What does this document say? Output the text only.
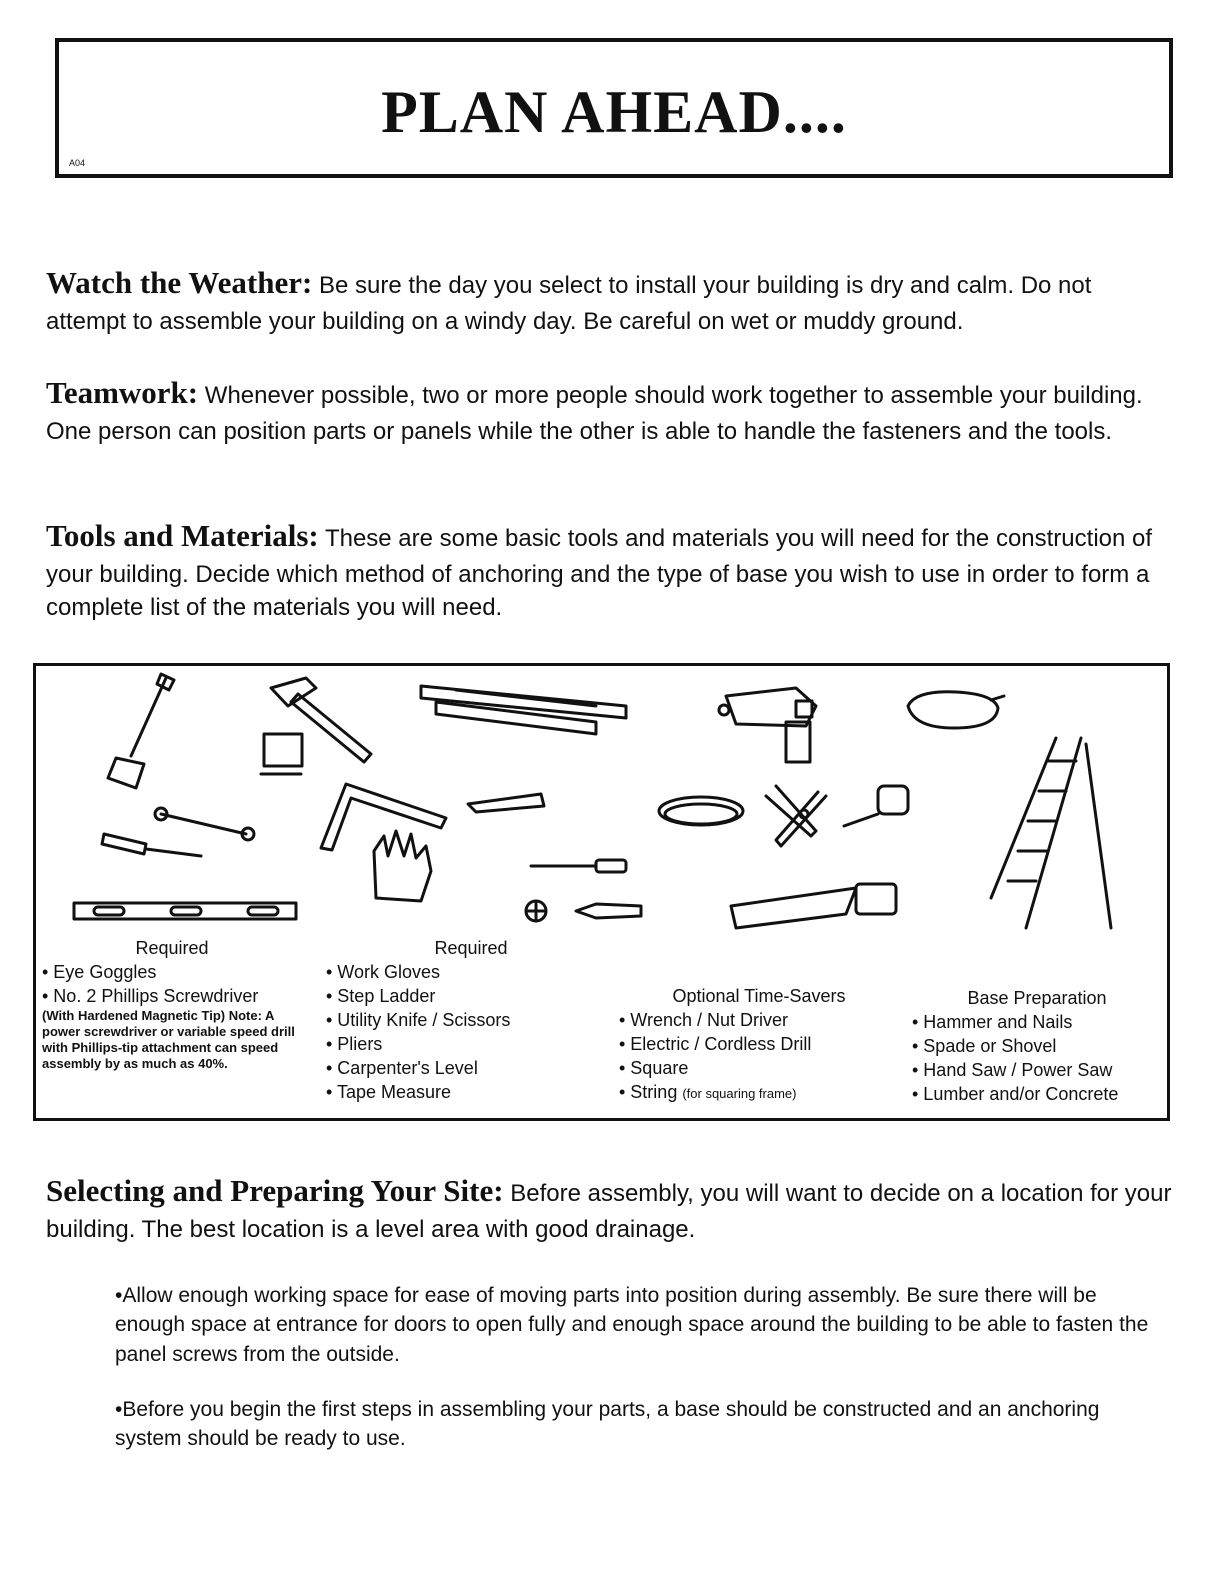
PLAN AHEAD....
A04
Watch the Weather: Be sure the day you select to install your building is dry and calm. Do not attempt to assemble your building on a windy day. Be careful on wet or muddy ground.
Teamwork: Whenever possible, two or more people should work together to assemble your building. One person can position parts or panels while the other is able to handle the fasteners and the tools.
Tools and Materials: These are some basic tools and materials you will need for the construction of your building. Decide which method of anchoring and the type of base you wish to use in order to form a complete list of the materials you will need.
Required
• Eye Goggles
• No. 2 Phillips Screwdriver
(With Hardened Magnetic Tip) Note: A power screwdriver or variable speed drill with Phillips-tip attachment can speed assembly by as much as 40%.
Required
• Work Gloves
• Step Ladder
• Utility Knife / Scissors
• Pliers
• Carpenter's Level
• Tape Measure
Optional Time-Savers
• Wrench / Nut Driver
• Electric / Cordless Drill
• Square
• String (for squaring frame)
Base Preparation
• Hammer and Nails
• Spade or Shovel
• Hand Saw / Power Saw
• Lumber and/or Concrete
Selecting and Preparing Your Site: Before assembly, you will want to decide on a location for your building. The best location is a level area with good drainage.
•Allow enough working space for ease of moving parts into position during assembly. Be sure there will be enough space at entrance for doors to open fully and enough space around the building to be able to fasten the panel screws from the outside.
•Before you begin the first steps in assembling your parts, a base should be constructed and an anchoring system should be ready to use.
